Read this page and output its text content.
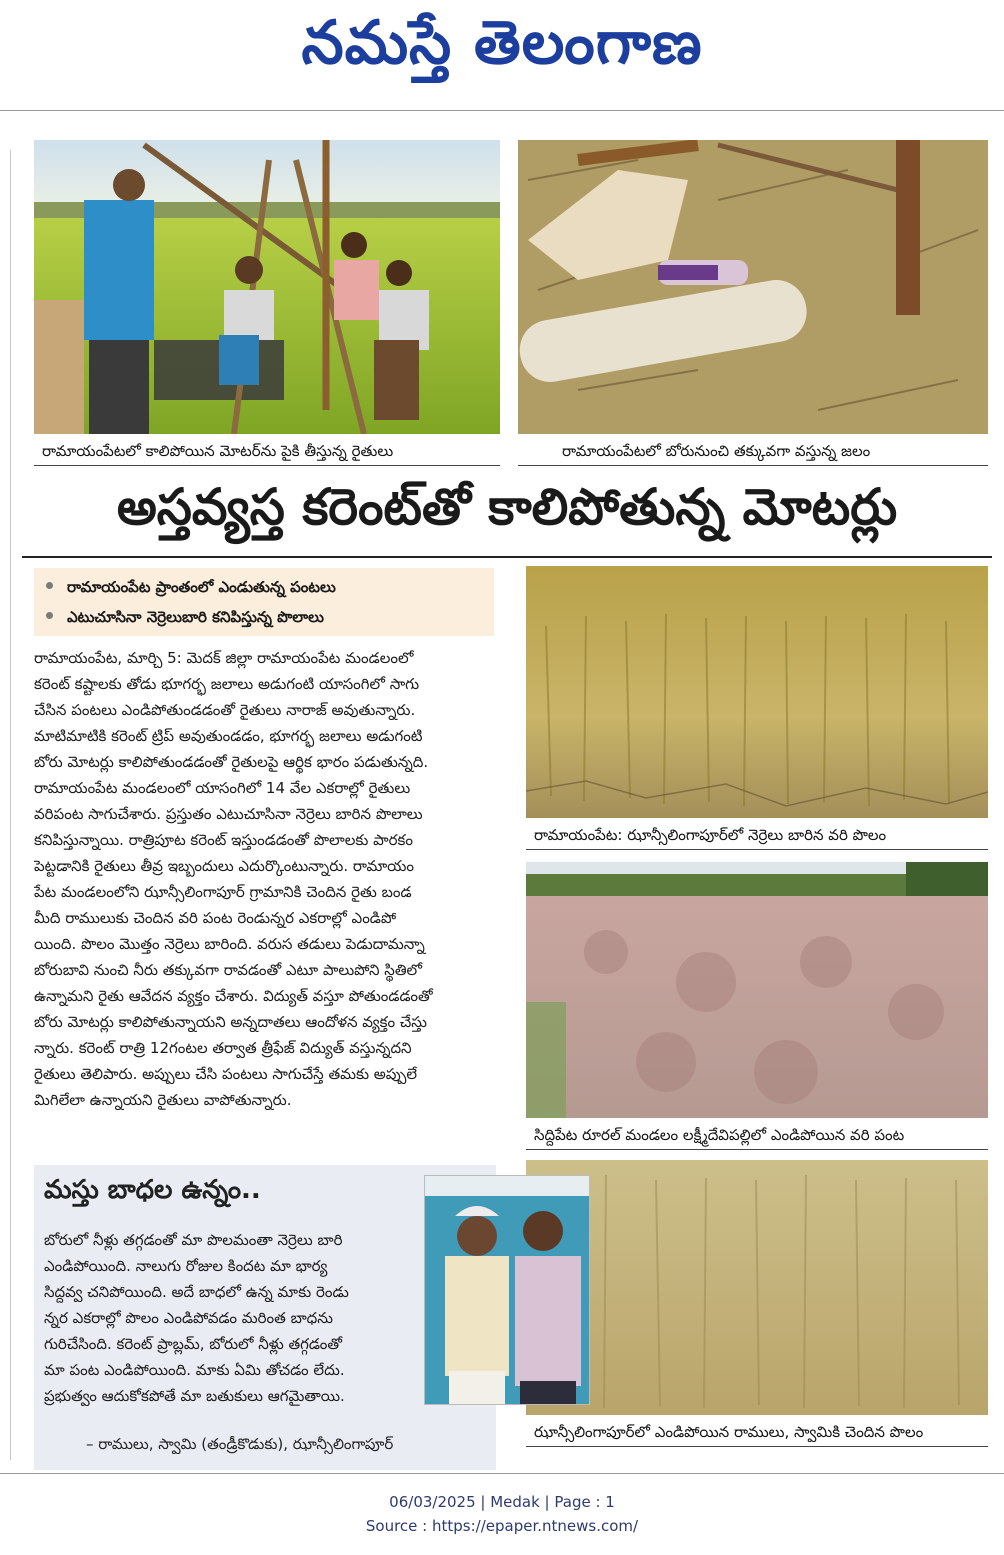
నమస్తే తెలంగాణ
రామాయంపేటలో కాలిపోయిన మోటర్‌ను పైకి తీస్తున్న రైతులు	రామాయంపేటలో బోరునుంచి తక్కువగా వస్తున్న జలం
అస్తవ్యస్త కరెంట్‌తో కాలిపోతున్న మోటర్లు
రామాయంపేట ప్రాంతంలో ఎండుతున్న పంటలు
ఎటుచూసినా నెర్రెలుబారి కనిపిస్తున్న పొలాలు
రామాయంపేట, మార్చి 5: మెదక్ జిల్లా రామాయంపేట మండలంలో
కరెంట్ కష్టాలకు తోడు భూగర్భ జలాలు అడుగంటి యాసంగిలో సాగు
చేసిన పంటలు ఎండిపోతుండడంతో రైతులు నారాజ్ అవుతున్నారు.
మాటిమాటికి కరెంట్ ట్రిప్ అవుతుండడం, భూగర్భ జలాలు అడుగంటి
బోరు మోటర్లు కాలిపోతుండడంతో రైతులపై ఆర్థిక భారం పడుతున్నది.
రామాయంపేట మండలంలో యాసంగిలో 14 వేల ఎకరాల్లో రైతులు
వరిపంట సాగుచేశారు. ప్రస్తుతం ఎటుచూసినా నెర్రెలు బారిన పొలాలు
కనిపిస్తున్నాయి. రాత్రిపూట కరెంట్ ఇస్తుండడంతో పొలాలకు పారకం
పెట్టడానికి రైతులు తీవ్ర ఇబ్బందులు ఎదుర్కొంటున్నారు. రామాయం
పేట మండలంలోని ఝాన్సీలింగాపూర్ గ్రామానికి చెందిన రైతు బండ
మీది రాములుకు చెందిన వరి పంట రెండున్నర ఎకరాల్లో ఎండిపో
యింది. పొలం మొత్తం నెర్రెలు బారింది. వరుస తడులు పెడుదామన్నా
బోరుబావి నుంచి నీరు తక్కువగా రావడంతో ఎటూ పాలుపోని స్థితిలో
ఉన్నామని రైతు ఆవేదన వ్యక్తం చేశారు. విద్యుత్ వస్తూ పోతుండడంతో
బోరు మోటర్లు కాలిపోతున్నాయని అన్నదాతలు ఆందోళన వ్యక్తం చేస్తు
న్నారు. కరెంట్ రాత్రి 12గంటల తర్వాత త్రీఫేజ్ విద్యుత్ వస్తున్నదని
రైతులు తెలిపారు. అప్పులు చేసి పంటలు సాగుచేస్తే తమకు అప్పులే
మిగిలేలా ఉన్నాయని రైతులు వాపోతున్నారు.
రామాయంపేట: ఝాన్సీలింగాపూర్‌లో నెర్రెలు బారిన వరి పొలం
సిద్దిపేట రూరల్ మండలం లక్ష్మీదేవిపల్లిలో ఎండిపోయిన వరి పంట
ఝాన్సీలింగాపూర్‌లో ఎండిపోయిన రాములు, స్వామికి చెందిన పొలం
మస్తు బాధల ఉన్నం..
బోరులో నీళ్లు తగ్గడంతో మా పొలమంతా నెర్రెలు బారి
ఎండిపోయింది. నాలుగు రోజుల కిందట మా భార్య
సిద్దవ్వ చనిపోయింది. అదే బాధలో ఉన్న మాకు రెండు
న్నర ఎకరాల్లో పొలం ఎండిపోవడం మరింత బాధను
గురిచేసింది. కరెంట్ ప్రాబ్లమ్, బోరులో నీళ్లు తగ్గడంతో
మా పంట ఎండిపోయింది. మాకు ఏమి తోచడం లేదు.
ప్రభుత్వం ఆదుకోకపోతే మా బతుకులు ఆగమైతాయి.
– రాములు, స్వామి (తండ్రీకొడుకు), ఝాన్సీలింగాపూర్
06/03/2025 | Medak | Page : 1
Source : https://epaper.ntnews.com/
